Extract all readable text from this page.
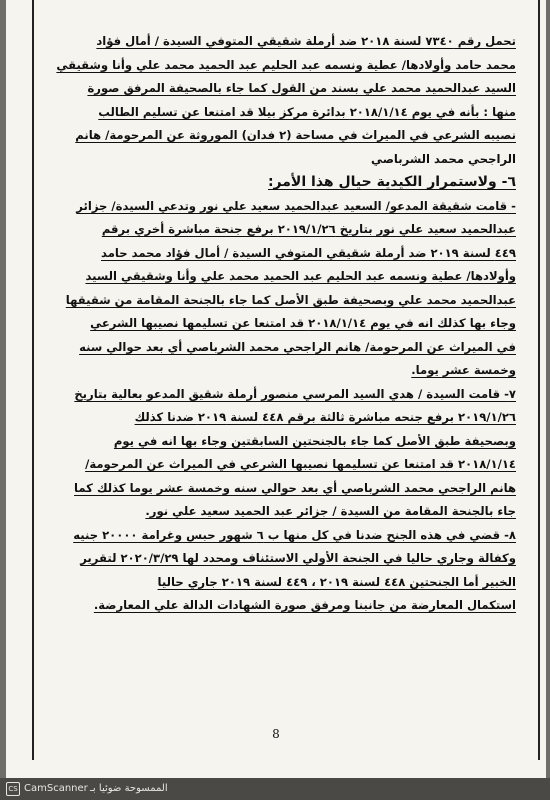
تحمل رقم ٧٣٤٠ لسنة ٢٠١٨ ضد أرملة شقيقي المتوفي السيدة / أمال فؤاد
محمد حامد وأولادها/ عطية ونسمه عبد الحليم عبد الحميد محمد علي وأنا وشقيقي
السيد عبدالحميد محمد علي بسند من القول كما جاء بالصحيفة المرفق صورة
منها : بأنه في يوم ٢٠١٨/١/١٤ بدائرة مركز بيلا قد امتنعا عن تسليم الطالب
نصيبه الشرعي في الميراث في مساحة (٢ فدان) الموروثة عن المرحومة/ هانم
الراجحي محمد الشرباصي
٦- ولاستمرار الكيدية حيال هذا الأمر:
- قامت شقيقة المدعو/ السعيد عبدالحميد سعيد علي نور وتدعي السيدة/ جزائر
عبدالحميد سعيد علي نور بتاريخ ٢٠١٩/١/٢٦ برفع جنحة مباشرة أخري برقم
٤٤٩ لسنة ٢٠١٩ ضد أرملة شقيقي المتوفي السيدة / أمال فؤاد محمد حامد
وأولادها/ عطية ونسمه عبد الحليم عبد الحميد محمد علي وأنا وشقيقي السيد
عبدالحميد محمد علي وبصحيفة طبق الأصل كما جاء بالجنحة المقامة من شقيقها
وجاء بها كذلك انه في يوم ٢٠١٨/١/١٤ قد امتنعا عن تسليمها نصيبها الشرعي
في الميراث عن المرحومة/ هانم الراجحي محمد الشرباصي أي بعد حوالي سنه
وخمسة عشر يوما.
٧- قامت السيدة / هدي السيد المرسي منصور أرملة شقيق المدعو بعالية بتاريخ
٢٠١٩/١/٢٦ برفع جنحه مباشرة ثالثة برقم ٤٤٨ لسنة ٢٠١٩ ضدنا كذلك
وبصحيفة طبق الأصل كما جاء بالجنحتين السابقتين وجاء بها انه في يوم
٢٠١٨/١/١٤ قد امتنعا عن تسليمها نصيبها الشرعي في الميراث عن المرحومة/
هانم الراجحي محمد الشرباصي أي بعد حوالي سنه وخمسة عشر يوما كذلك كما
جاء بالجنحة المقامة من السيدة / جزائر عبد الحميد سعيد علي نور.
٨- قضي في هذه الجنح ضدنا في كل منها ب ٦ شهور حبس وغرامة ٢٠٠٠٠ جنيه
وكفالة وجاري حاليا في الجنحة الأولي الاستئناف ومحدد لها ٢٠٢٠/٣/٢٩ لتقرير
الخبير أما الجنحتين ٤٤٨ لسنة ٢٠١٩ ، ٤٤٩ لسنة ٢٠١٩ جاري حاليا
استكمال المعارضة من جانبنا ومرفق صورة الشهادات الدالة علي المعارضة.
8
CS CamScanner الممسوحة ضوئيا بـ
